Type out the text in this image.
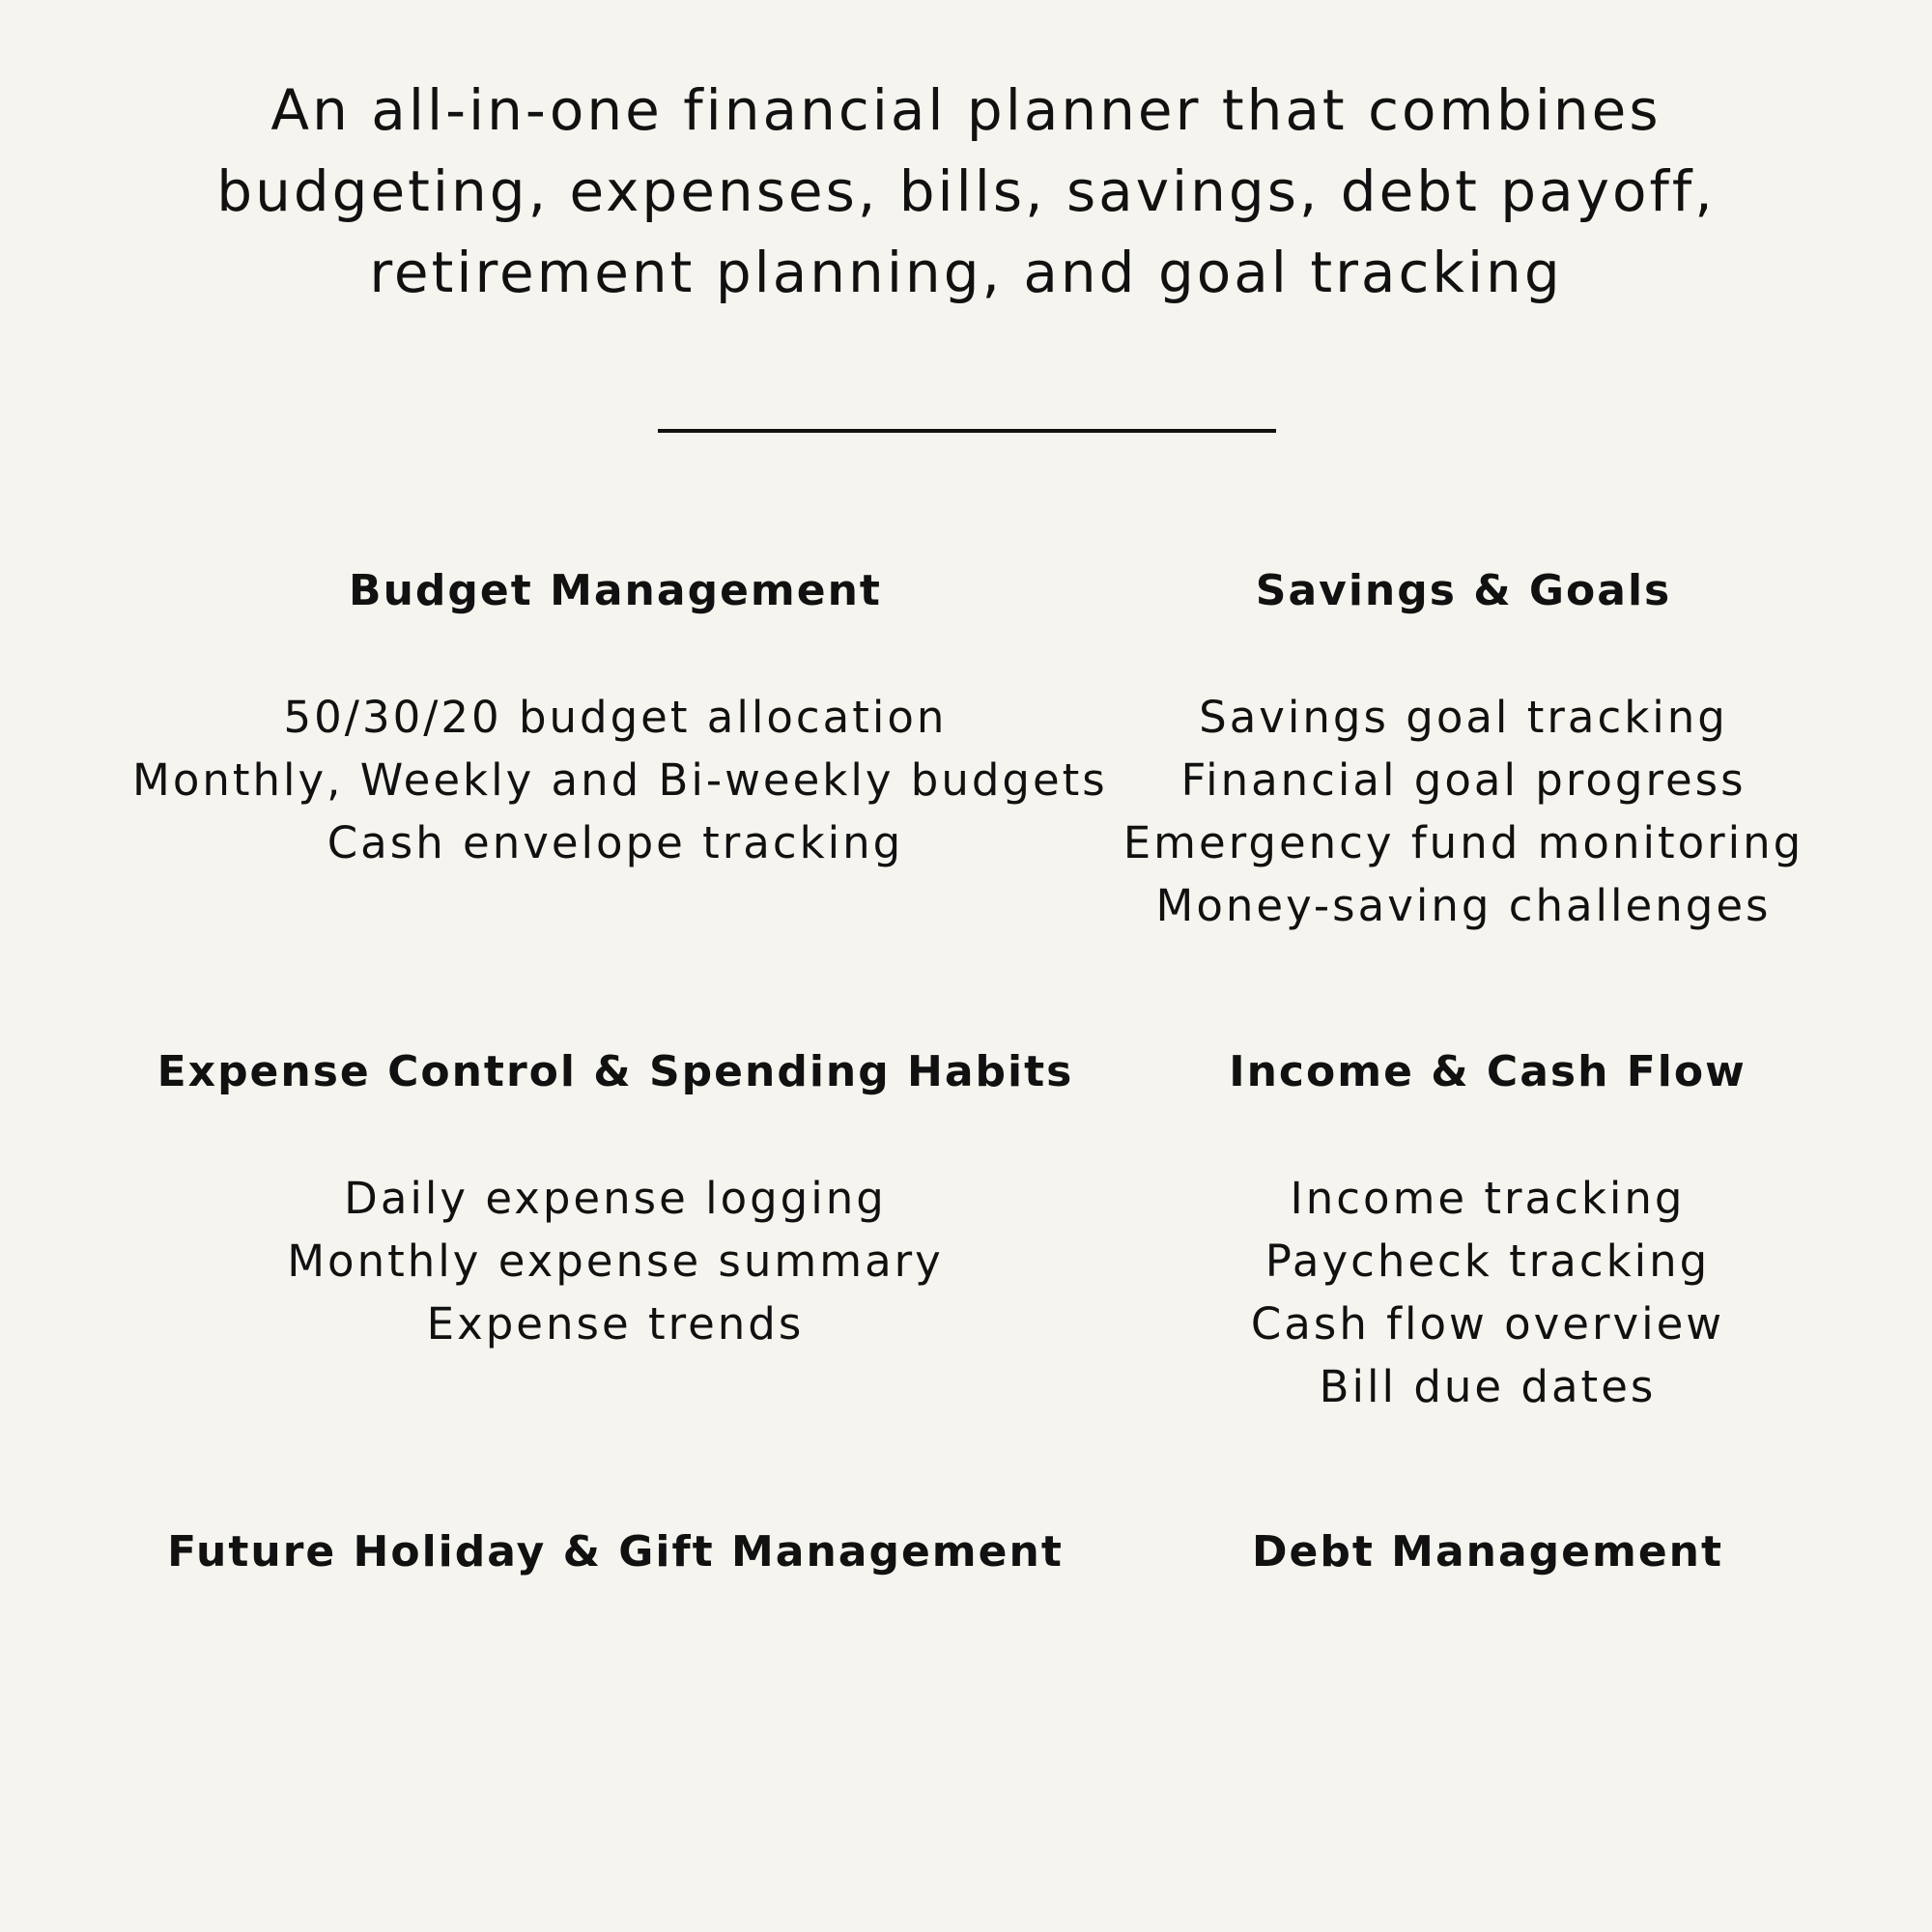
An all-in-one financial planner that combines
budgeting, expenses, bills, savings, debt payoff,
retirement planning, and goal tracking
Budget Management
50/30/20 budget allocation
Monthly, Weekly and Bi-weekly budgets
Cash envelope tracking
Savings & Goals
Savings goal tracking
Financial goal progress
Emergency fund monitoring
Money-saving challenges
Expense Control & Spending Habits
Daily expense logging
Monthly expense summary
Expense trends
Income & Cash Flow
Income tracking
Paycheck tracking
Cash flow overview
Bill due dates
Future Holiday & Gift Management	Debt Management
